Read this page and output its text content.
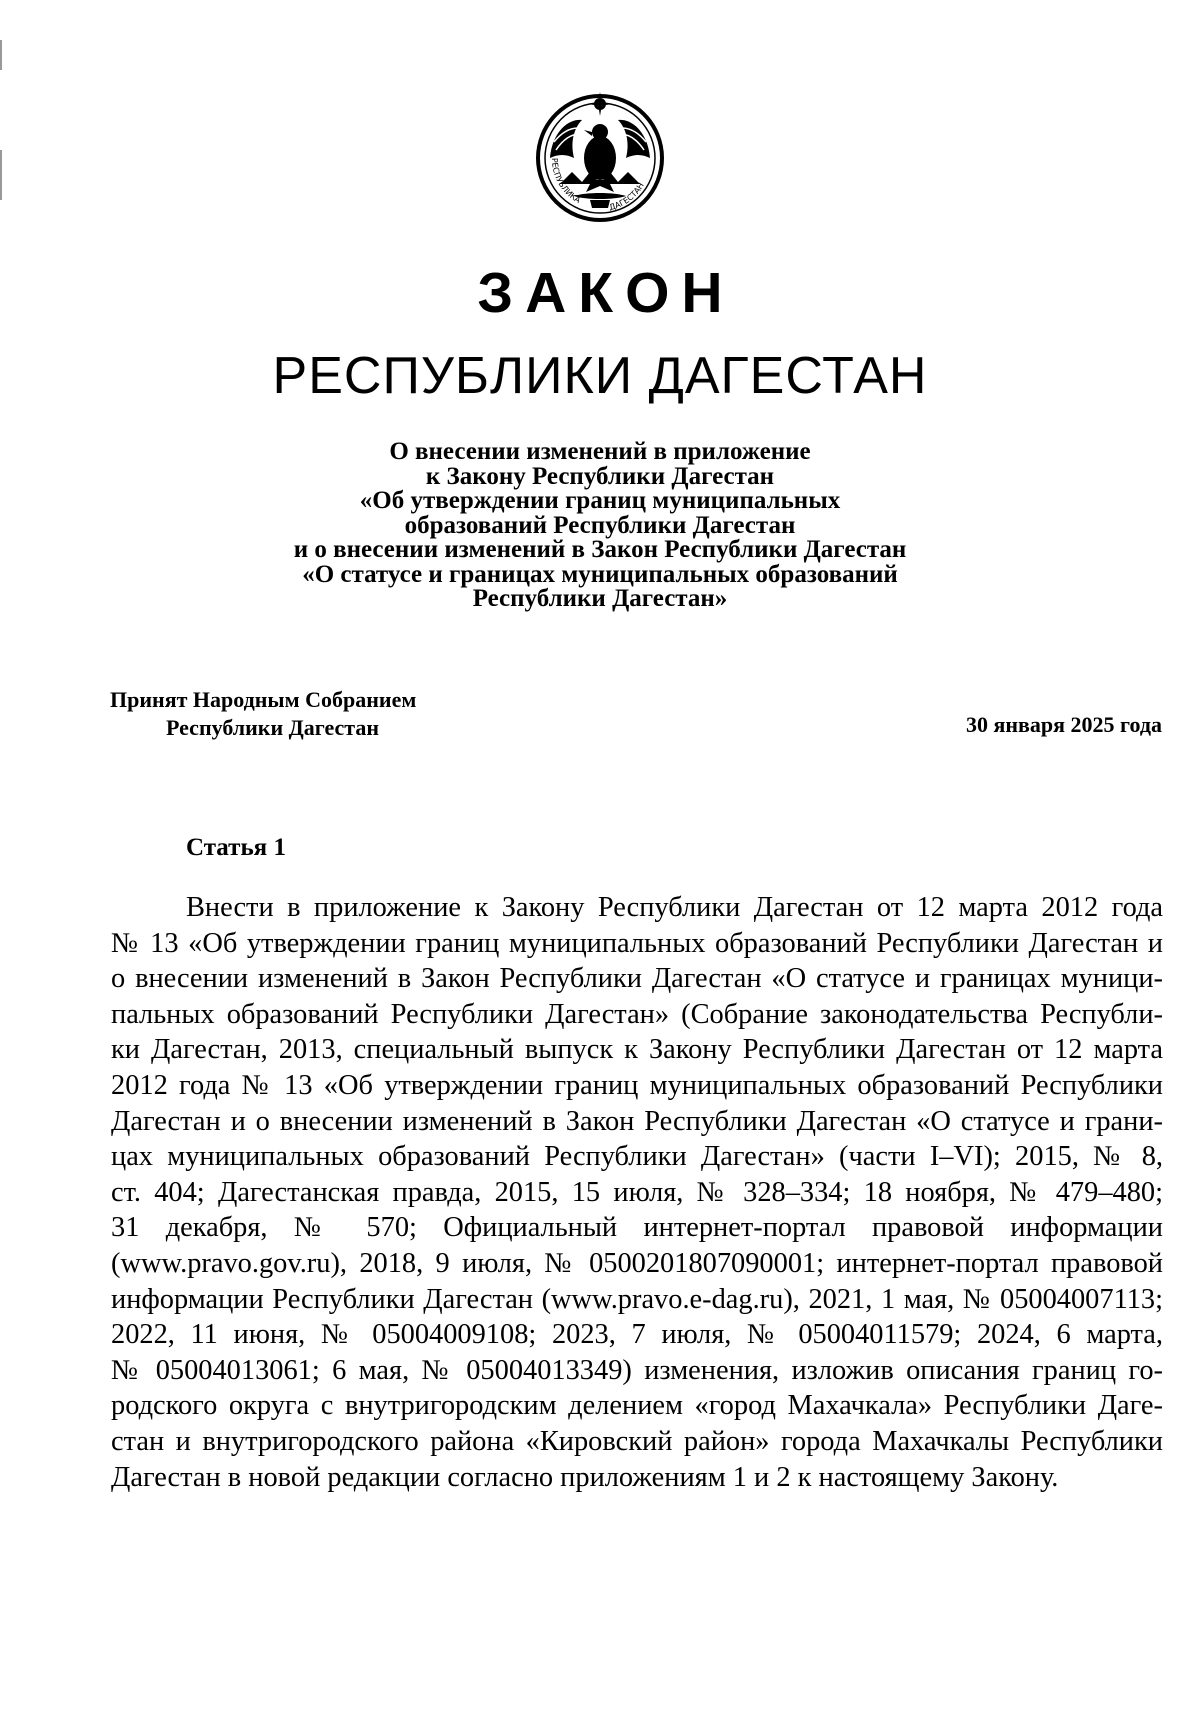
РЕСПУБЛИКА
ДАГЕСТАН
ЗАКОН
РЕСПУБЛИКИ ДАГЕСТАН
О внесении изменений в приложение
к Закону Республики Дагестан
«Об утверждении границ муниципальных
образований Республики Дагестан
и о внесении изменений в Закон Республики Дагестан
«О статусе и границах муниципальных образований
Республики Дагестан»
Принят Народным Собранием
Республики Дагестан	30 января 2025 года
Статья 1
Внести в приложение к Закону Республики Дагестан от 12 марта 2012 года
№ 13 «Об утверждении границ муниципальных образований Республики Дагестан и
о внесении изменений в Закон Республики Дагестан «О статусе и границах муници-
пальных образований Республики Дагестан» (Собрание законодательства Республи-
ки Дагестан, 2013, специальный выпуск к Закону Республики Дагестан от 12 марта
2012 года № 13 «Об утверждении границ муниципальных образований Республики
Дагестан и о внесении изменений в Закон Республики Дагестан «О статусе и грани-
цах муниципальных образований Республики Дагестан» (части I–VI); 2015, № 8,
ст. 404; Дагестанская правда, 2015, 15 июля, № 328–334; 18 ноября, № 479–480;
31 декабря, № 570; Официальный интернет-портал правовой информации
(www.pravo.gov.ru), 2018, 9 июля, № 0500201807090001; интернет-портал правовой
информации Республики Дагестан (www.pravo.e-dag.ru), 2021, 1 мая, № 05004007113;
2022, 11 июня, № 05004009108; 2023, 7 июля, № 05004011579; 2024, 6 марта,
№ 05004013061; 6 мая, № 05004013349) изменения, изложив описания границ го-
родского округа с внутригородским делением «город Махачкала» Республики Даге-
стан и внутригородского района «Кировский район» города Махачкалы Республики
Дагестан в новой редакции согласно приложениям 1 и 2 к настоящему Закону.
